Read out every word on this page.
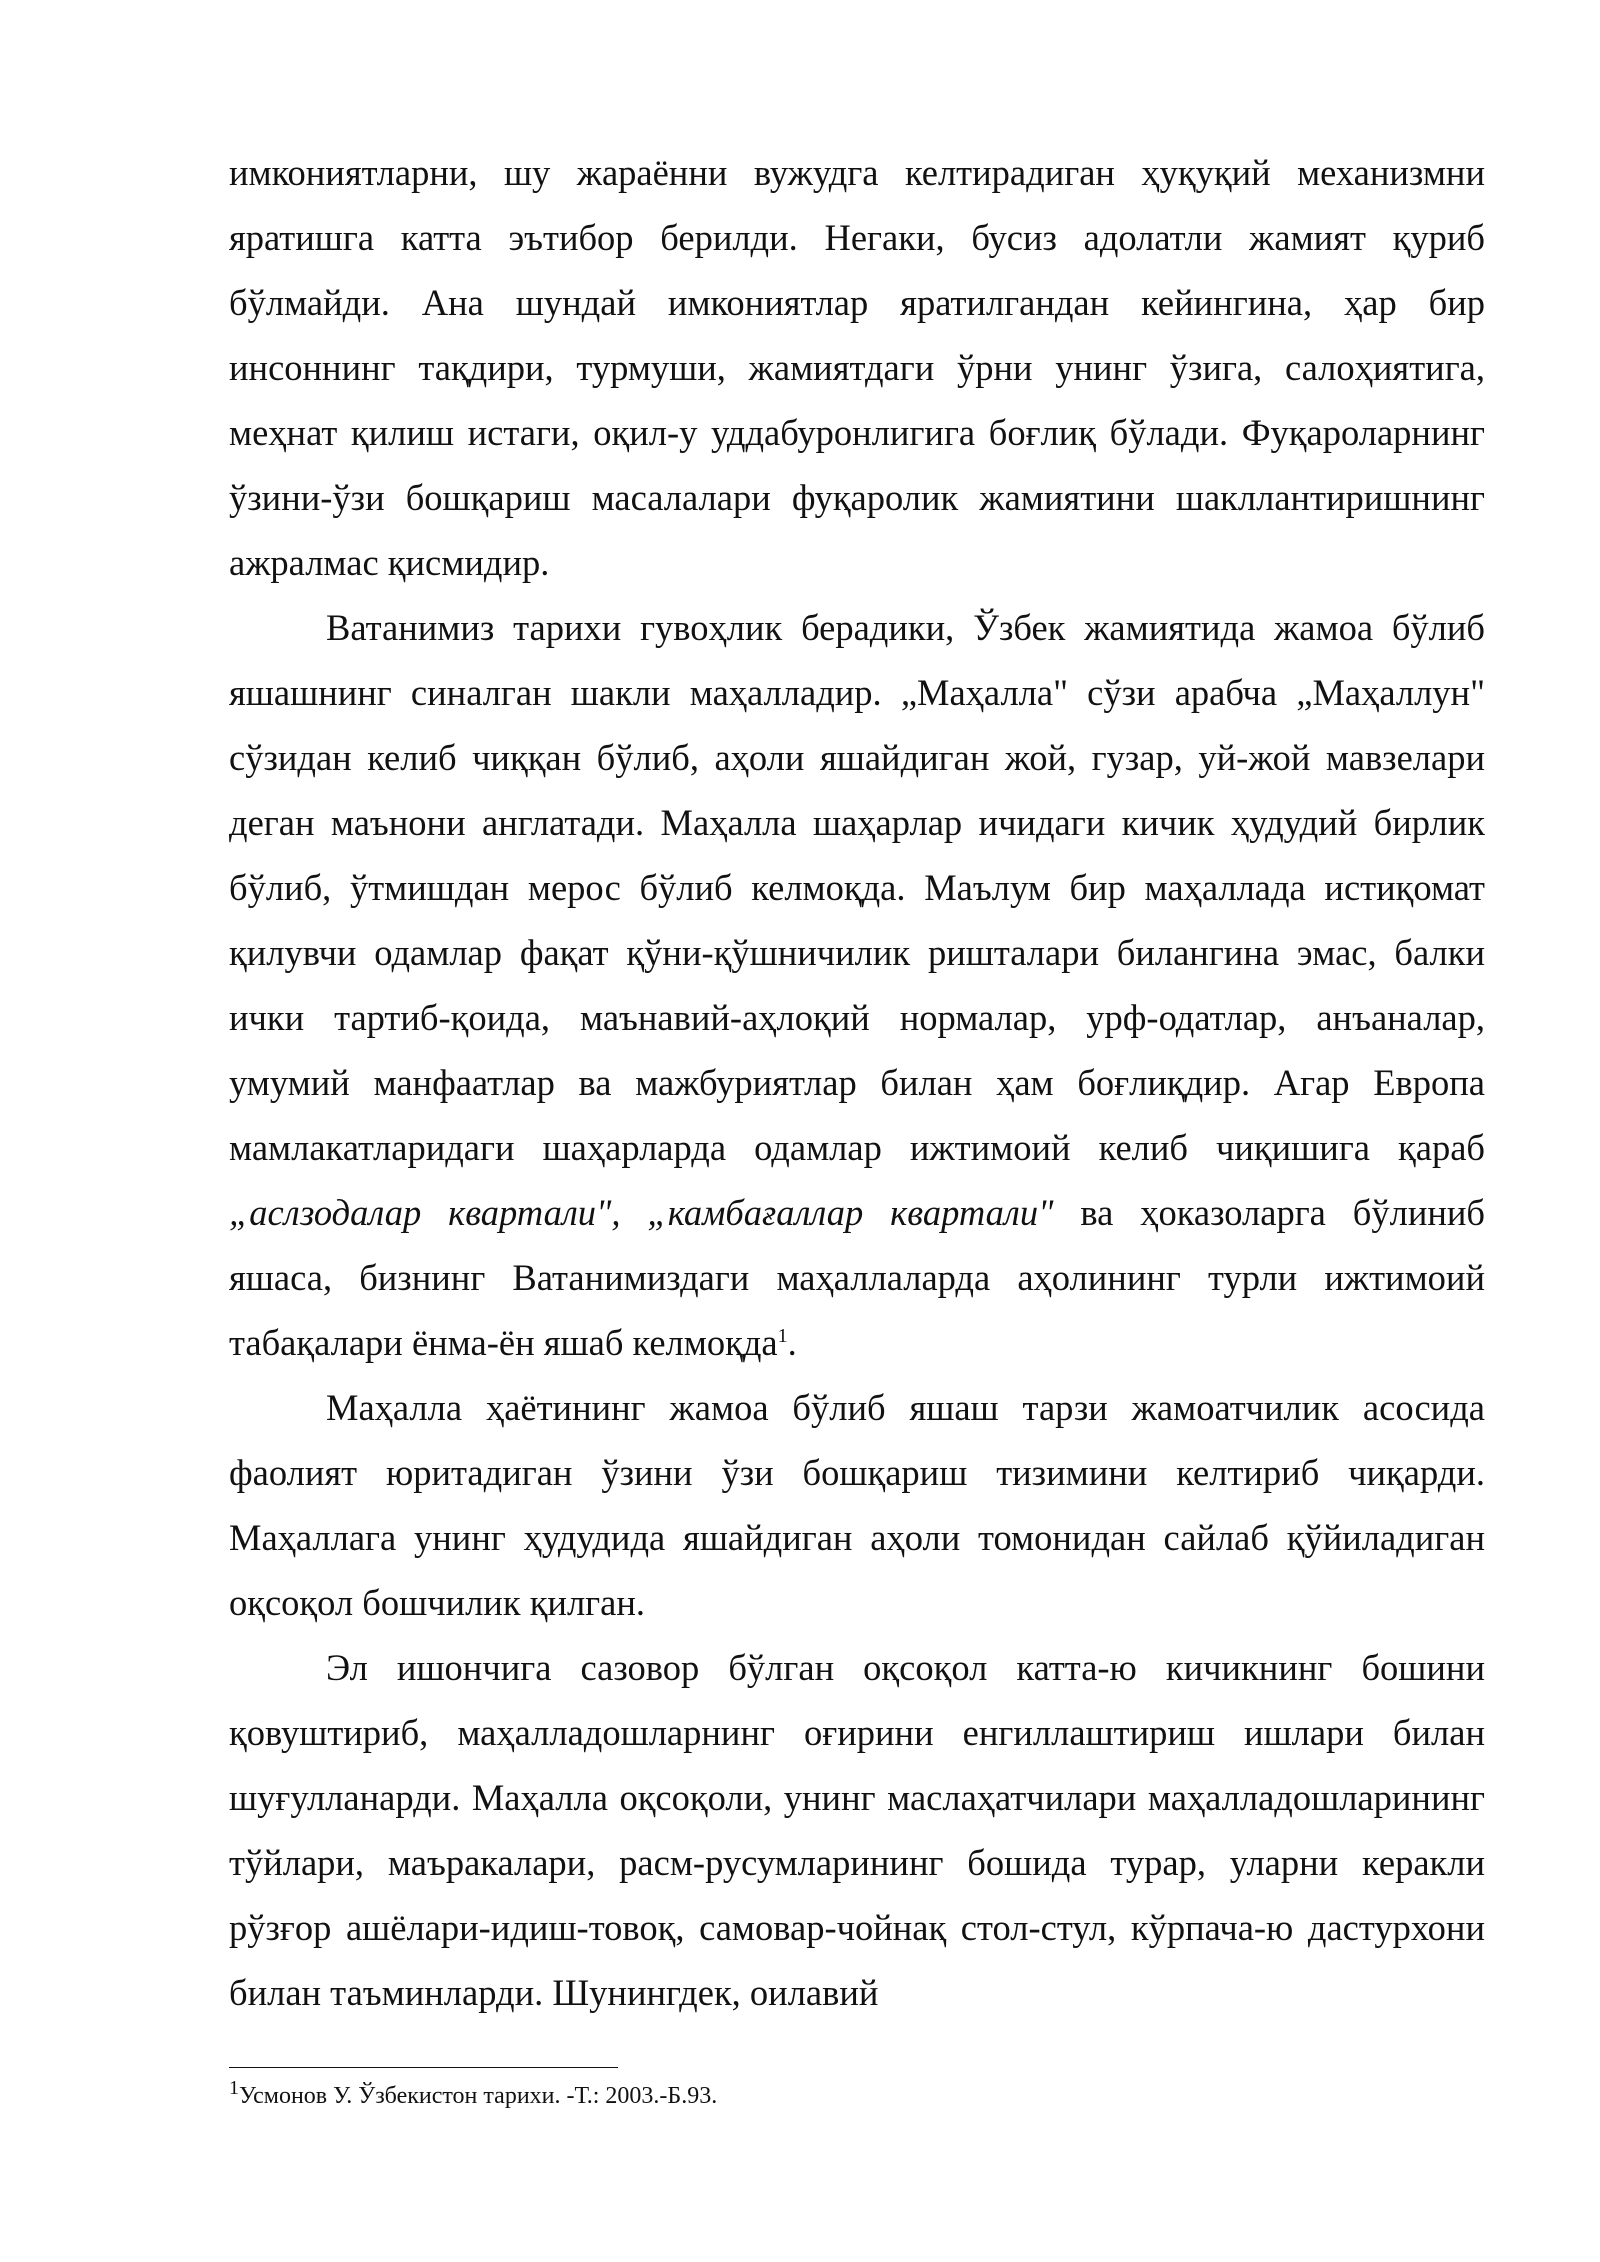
имкониятларни, шу жараённи вужудга келтирадиган ҳуқуқий механизмни яратишга катта эътибор берилди. Негаки, бусиз адолатли жамият қуриб бўлмайди. Ана шундай имкониятлар яратилгандан кейингина, ҳар бир инсоннинг тақдири, турмуши, жамиятдаги ўрни унинг ўзига, салоҳиятига, меҳнат қилиш истаги, оқил-у уддабуронлигига боғлиқ бўлади. Фуқароларнинг ўзини-ўзи бошқариш масалалари фуқаролик жамиятини шакллантиришнинг ажралмас қисмидир.

Ватанимиз тарихи гувоҳлик берадики, Ўзбек жамиятида жамоа бўлиб яшашнинг синалган шакли маҳалладир. „Маҳалла" сўзи арабча „Маҳаллун" сўзидан келиб чиққан бўлиб, аҳоли яшайдиган жой, гузар, уй-жой мавзелари деган маънони англатади. Маҳалла шаҳарлар ичидаги кичик ҳудудий бирлик бўлиб, ўтмишдан мерос бўлиб келмоқда. Маълум бир маҳаллада истиқомат қилувчи одамлар фақат қўни-қўшничилик ришталари билангина эмас, балки ички тартиб-қоида, маънавий-аҳлоқий нормалар, урф-одатлар, анъаналар, умумий манфаатлар ва мажбуриятлар билан ҳам боғлиқдир. Агар Европа мамлакатларидаги шаҳарларда одамлар ижтимоий келиб чиқишига қараб „аслзодалар квартали", „камбағаллар квартали" ва ҳоказоларга бўлиниб яшаса, бизнинг Ватанимиздаги маҳаллаларда аҳолининг турли ижтимоий табақалари ёнма-ён яшаб келмоқда$^1$.

Маҳалла ҳаётининг жамоа бўлиб яшаш тарзи жамоатчилик асосида фаолият юритадиган ўзини ўзи бошқариш тизимини келтириб чиқарди. Маҳаллага унинг ҳудудида яшайдиган аҳоли томонидан сайлаб қўйиладиган оқсоқол бошчилик қилган.

Эл ишончига сазовор бўлган оқсоқол катта-ю кичикнинг бошини қовуштириб, маҳалладошларнинг оғирини енгиллаштириш ишлари билан шуғулланарди. Маҳалла оқсоқоли, унинг маслаҳатчилари маҳалладошларининг тўйлари, маъракалари, расм-русумларининг бошида турар, уларни керакли рўзғор ашёлари-идиш-товоқ, самовар-чойнақ стол-стул, кўрпача-ю дастурхони билан таъминларди. Шунингдек, оилавий

$^1$Усмонов У. Ўзбекистон тарихи. -Т.: 2003.-Б.93.
